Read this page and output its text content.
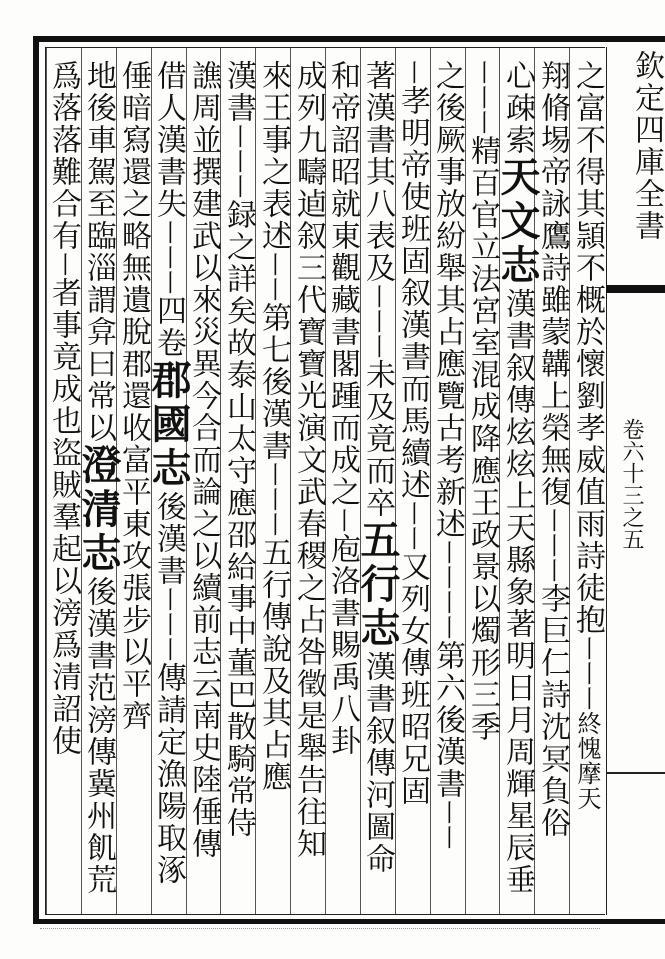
欽定四庫全書
卷六十三之五
之富不得其頴不概於懷劉孝威值雨詩徒抱丨丨丨終愧摩天
翔脩埸帝詠鷹詩雖蒙韝上榮無復丨丨丨李巨仁詩沈冥負俗
心疎索天文志漢書叙傳炫炫上天縣象著明日月周輝星辰垂
丨丨丨精百官立法宮室混成降應王政景以燭形三季
之後厥事放紛舉其占應覽古考新述丨丨丨丨第六後漢書丨丨
丨孝明帝使班固叙漢書而馬續述丨丨又列女傳班昭兄固
著漢書其八表及丨丨丨未及竟而卒五行志漢書叙傳河圖命
和帝詔昭就東觀藏書閣踵而成之丨庖洛書賜禹八卦
成列九疇逌叙三代寶寶光演文武春稷之占咎徵是舉告往知
來王事之表述丨丨第七後漢書丨丨丨五行傳說及其占應
漢書丨丨丨録之詳矣故泰山太守應邵給事中董巴散騎常侍
譙周並撰建武以來災異今合而論之以續前志云南史陸倕傳
借人漢書失丨丨丨四卷郡國志後漢書丨丨丨傳請定漁陽取涿
倕暗寫還之略無遺脫郡還收富平東攻張步以平齊
地後車駕至臨淄謂弇曰常以澄清志後漢書范滂傳冀州飢荒
爲落落難合有丨者事竟成也盜賊羣起以滂爲清詔使
